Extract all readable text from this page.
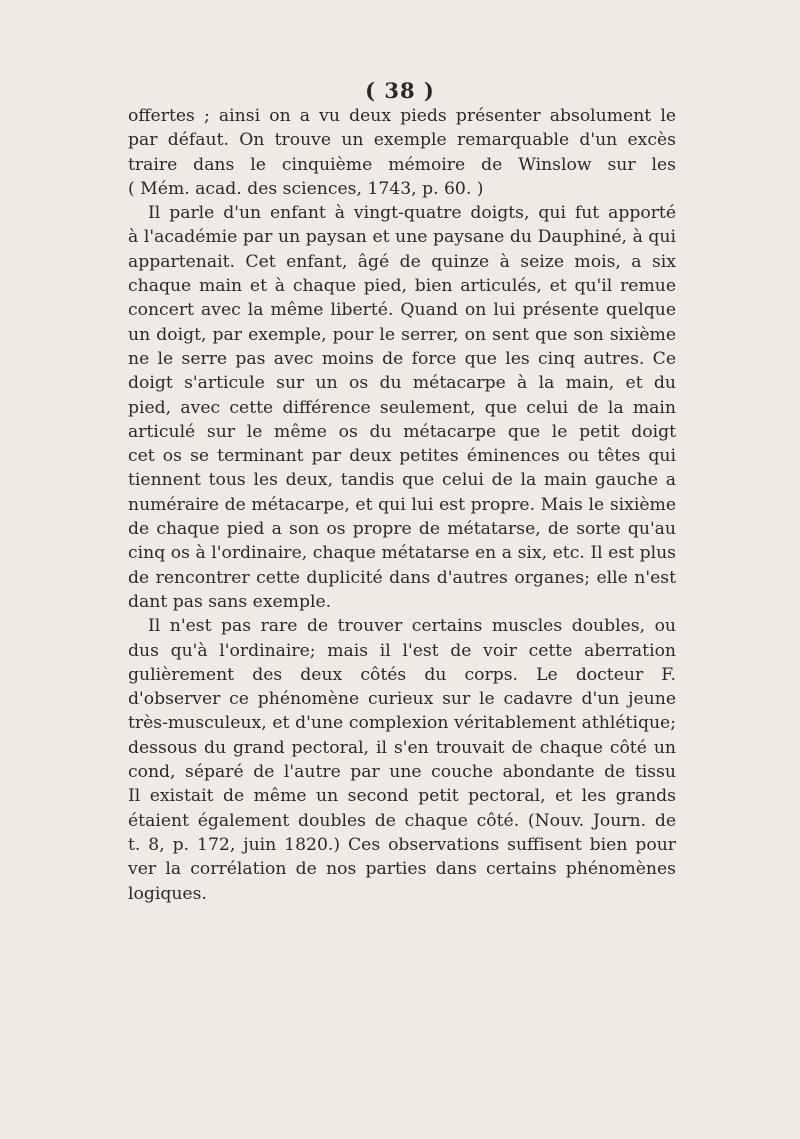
( 38 )
offertes ; ainsi on a vu deux pieds présenter absolument le
par défaut. On trouve un exemple remarquable d'un excès
traire dans le cinquième mémoire de Winslow sur les
( Mém. acad. des sciences, 1743, p. 60. )
Il parle d'un enfant à vingt-quatre doigts, qui fut apporté
à l'académie par un paysan et une paysane du Dauphiné, à qui
appartenait. Cet enfant, âgé de quinze à seize mois, a six
chaque main et à chaque pied, bien articulés, et qu'il remue
concert avec la même liberté. Quand on lui présente quelque
un doigt, par exemple, pour le serrer, on sent que son sixième
ne le serre pas avec moins de force que les cinq autres. Ce
doigt s'articule sur un os du métacarpe à la main, et du
pied, avec cette différence seulement, que celui de la main
articulé sur le même os du métacarpe que le petit doigt
cet os se terminant par deux petites éminences ou têtes qui
tiennent tous les deux, tandis que celui de la main gauche a
numéraire de métacarpe, et qui lui est propre. Mais le sixième
de chaque pied a son os propre de métatarse, de sorte qu'au
cinq os à l'ordinaire, chaque métatarse en a six, etc. Il est plus
de rencontrer cette duplicité dans d'autres organes; elle n'est
dant pas sans exemple.
Il n'est pas rare de trouver certains muscles doubles, ou
dus qu'à l'ordinaire; mais il l'est de voir cette aberration
gulièrement des deux côtés du corps. Le docteur F.
d'observer ce phénomène curieux sur le cadavre d'un jeune
très-musculeux, et d'une complexion véritablement athlétique;
dessous du grand pectoral, il s'en trouvait de chaque côté un
cond, séparé de l'autre par une couche abondante de tissu
Il existait de même un second petit pectoral, et les grands
étaient également doubles de chaque côté. (Nouv. Journ. de
t. 8, p. 172, juin 1820.) Ces observations suffisent bien pour
ver la corrélation de nos parties dans certains phénomènes
logiques.
